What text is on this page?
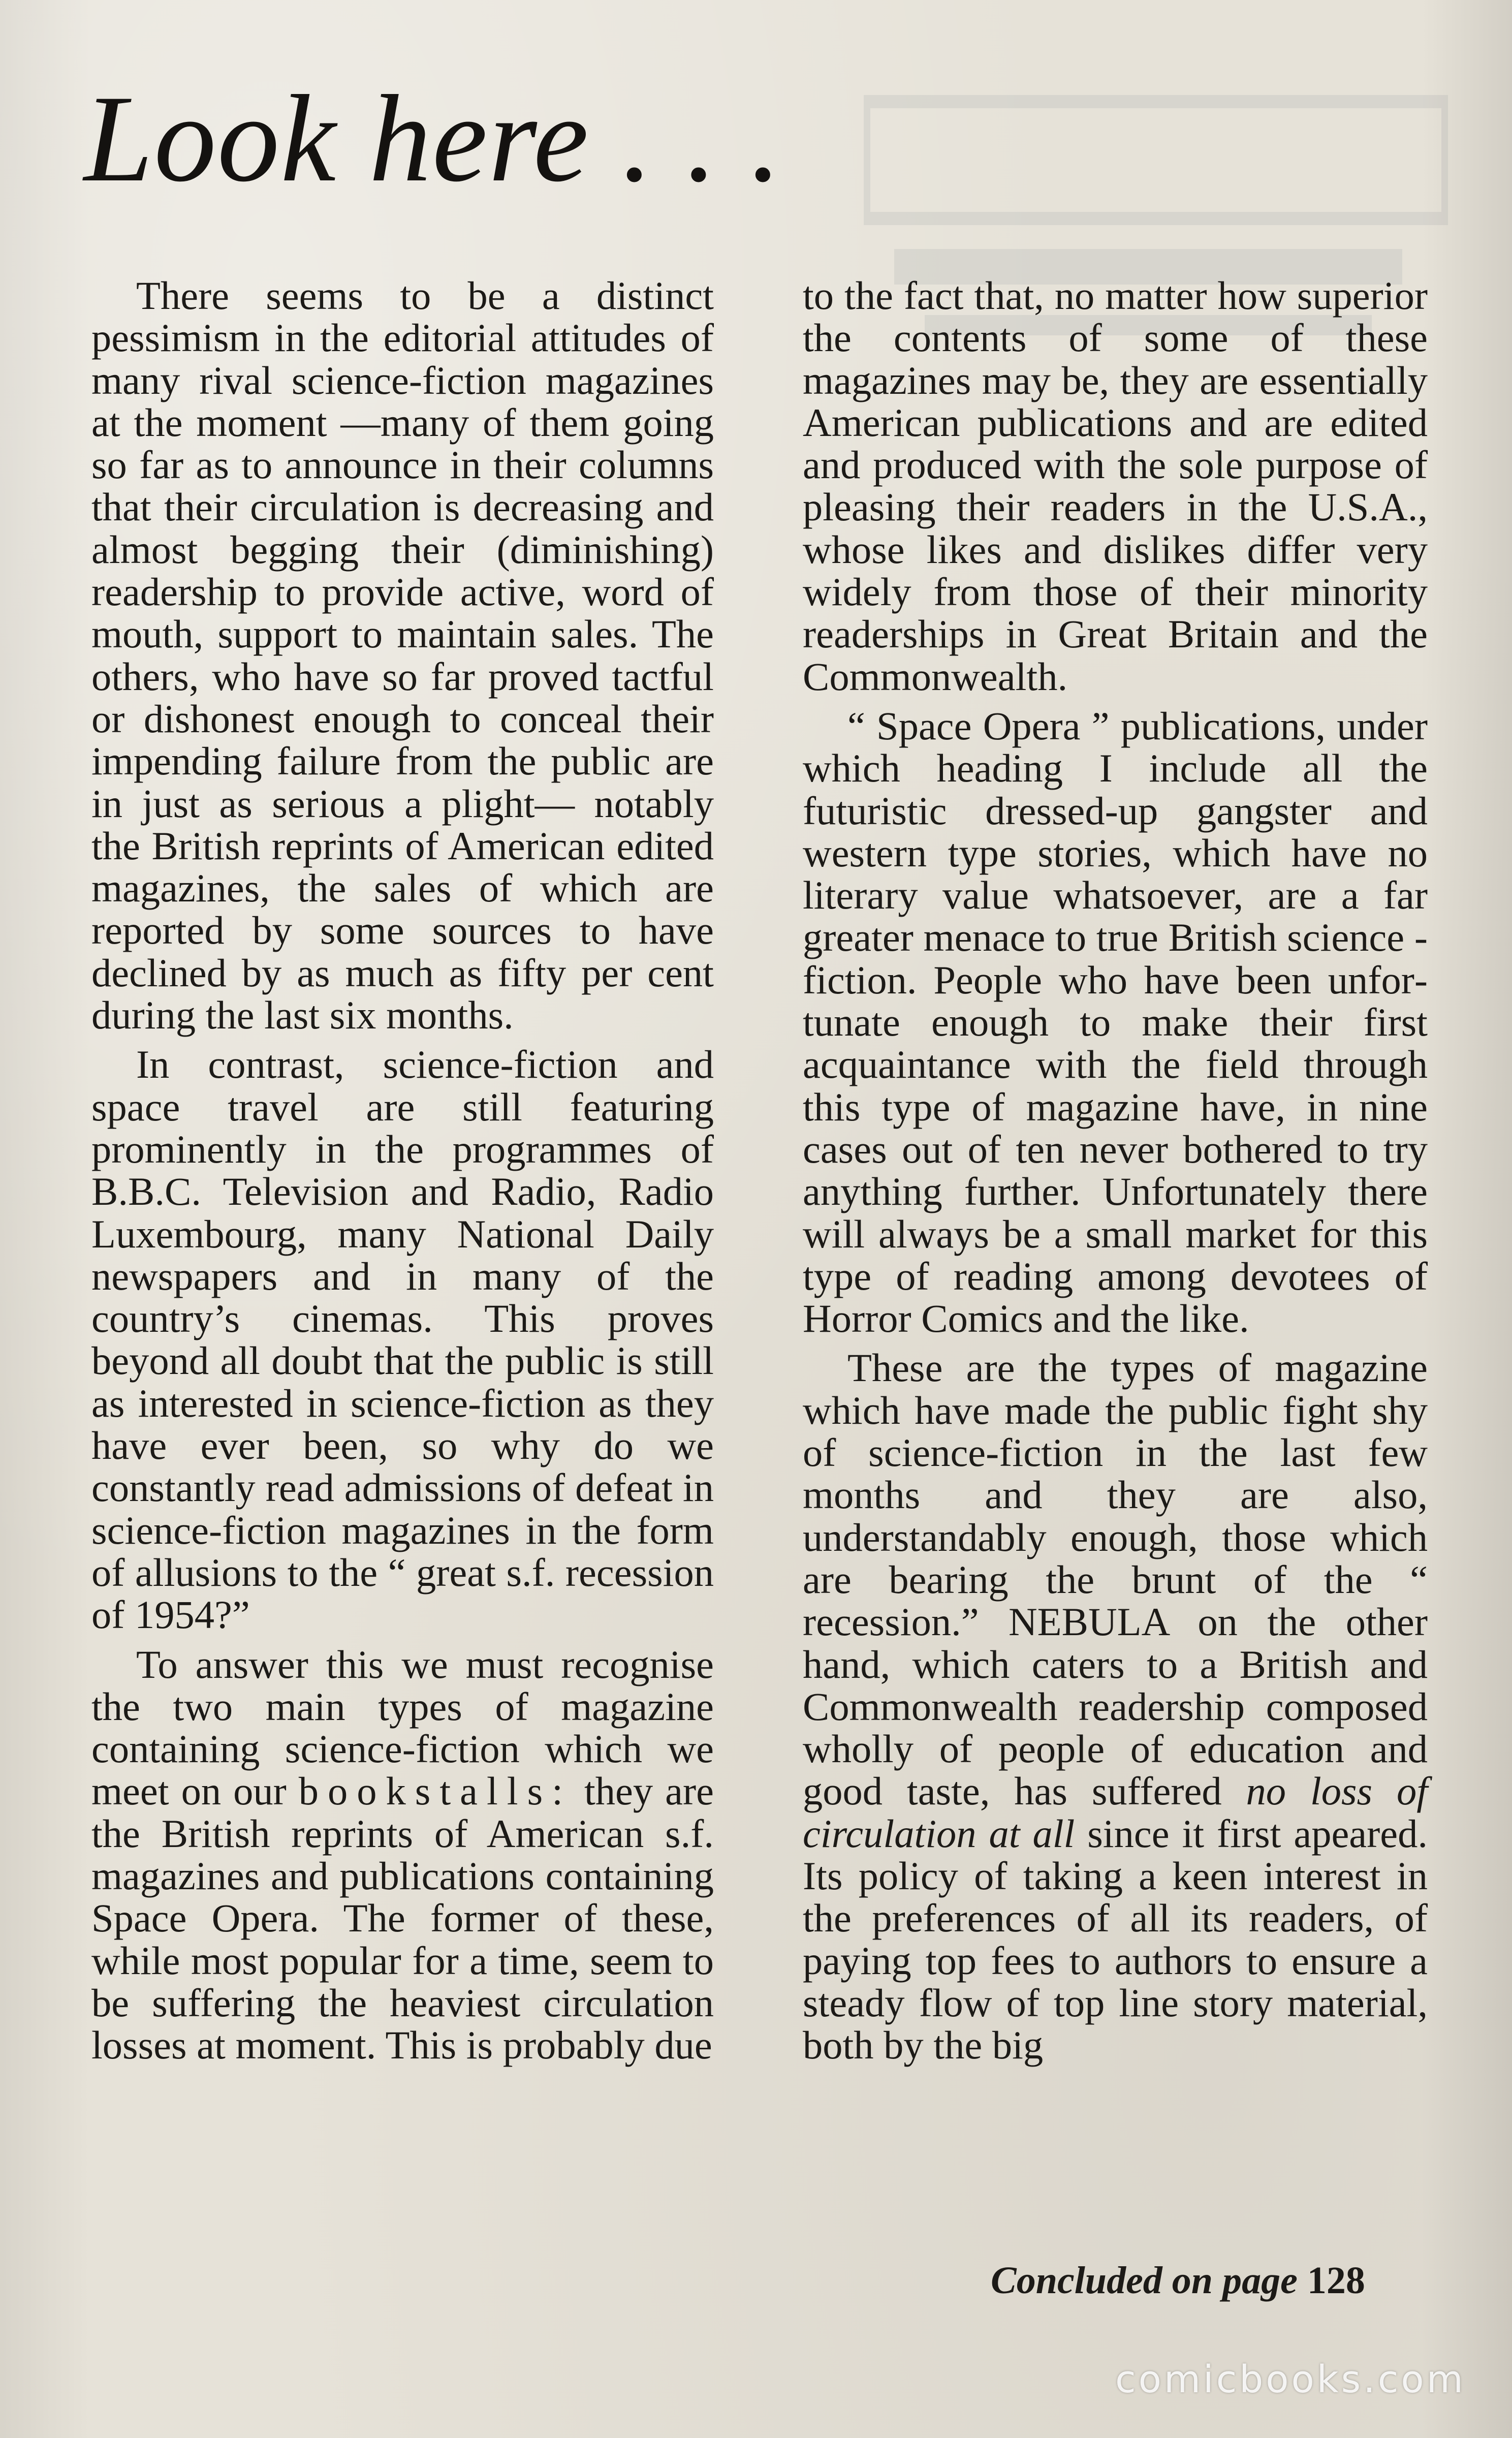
Look here . . .

There seems to be a distinct pessimism in the editorial attitudes of many rival science-fiction magazines at the moment —many of them going so far as to announce in their columns that their circulation is decreasing and almost begging their (diminishing) readership to provide active, word of mouth, support to maintain sales. The others, who have so far proved tactful or dishonest enough to conceal their impending failure from the public are in just as serious a plight— notably the British reprints of American edited magazines, the sales of which are reported by some sources to have declined by as much as fifty per cent during the last six months.

In contrast, science-fiction and space travel are still featuring prominently in the programmes of B.B.C. Television and Radio, Radio Luxembourg, many National Daily newspapers and in many of the country’s cinemas. This proves beyond all doubt that the public is still as interested in science-fiction as they have ever been, so why do we constantly read admissions of defeat in science-fiction magazines in the form of allusions to the “ great s.f. recession of 1954?”

To answer this we must recognise the two main types of magazine containing science-fiction which we meet on our bookstalls: they are the British reprints of American s.f. magazines and publications containing Space Opera. The former of these, while most popular for a time, seem to be suffering the heaviest circulation losses at moment. This is probably due

to the fact that, no matter how superior the contents of some of these magazines may be, they are essentially American publications and are edited and produced with the sole purpose of pleasing their readers in the U.S.A., whose likes and dislikes differ very widely from those of their minority readerships in Great Britain and the Commonwealth.

“ Space Opera ” publications, under which heading I include all the futuristic dressed-up gangster and western type stories, which have no literary value whatsoever, are a far greater menace to true British science - fiction. People who have been unfortunate enough to make their first acquaintance with the field through this type of magazine have, in nine cases out of ten never bothered to try anything further. Unfortunately there will always be a small market for this type of reading among devotees of Horror Comics and the like.

These are the types of magazine which have made the public fight shy of science-fiction in the last few months and they are also, understandably enough, those which are bearing the brunt of the “ recession.” NEBULA on the other hand, which caters to a British and Commonwealth readership composed wholly of people of education and good taste, has suffered no loss of circulation at all since it first apeared. Its policy of taking a keen interest in the preferences of all its readers, of paying top fees to authors to ensure a steady flow of top line story material, both by the big

Concluded on page 128
comicbooks.com
